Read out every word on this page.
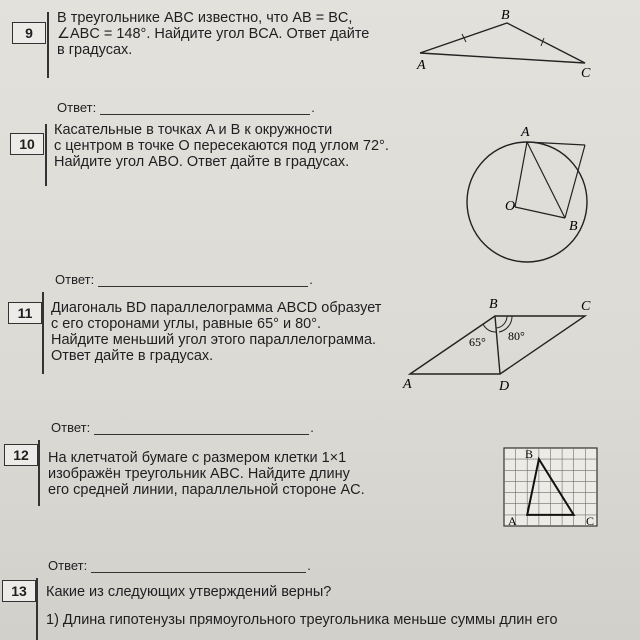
9
В треугольнике ABC известно, что AB = BC,
∠ABC = 148°. Найдите угол BCA. Ответ дайте
в градусах.
A
B
C
Ответ:	.
10
Касательные в точках A и B к окружности
с центром в точке O пересекаются под углом 72°.
Найдите угол ABO. Ответ дайте в градусах.
A
B
O
Ответ:	.
11	Диагональ BD параллелограмма ABCD образует
с его сторонами углы, равные 65° и 80°.
Найдите меньший угол этого параллелограмма.
Ответ дайте в градусах.
A
B	C
D
65° 80°
Ответ:	.
12	На клетчатой бумаге с размером клетки 1×1
изображён треугольник ABC. Найдите длину
его средней линии, параллельной стороне AC.
B
A	C
Ответ:	.
13	Какие из следующих утверждений верны?
1) Длина гипотенузы прямоугольного треугольника меньше суммы длин его
